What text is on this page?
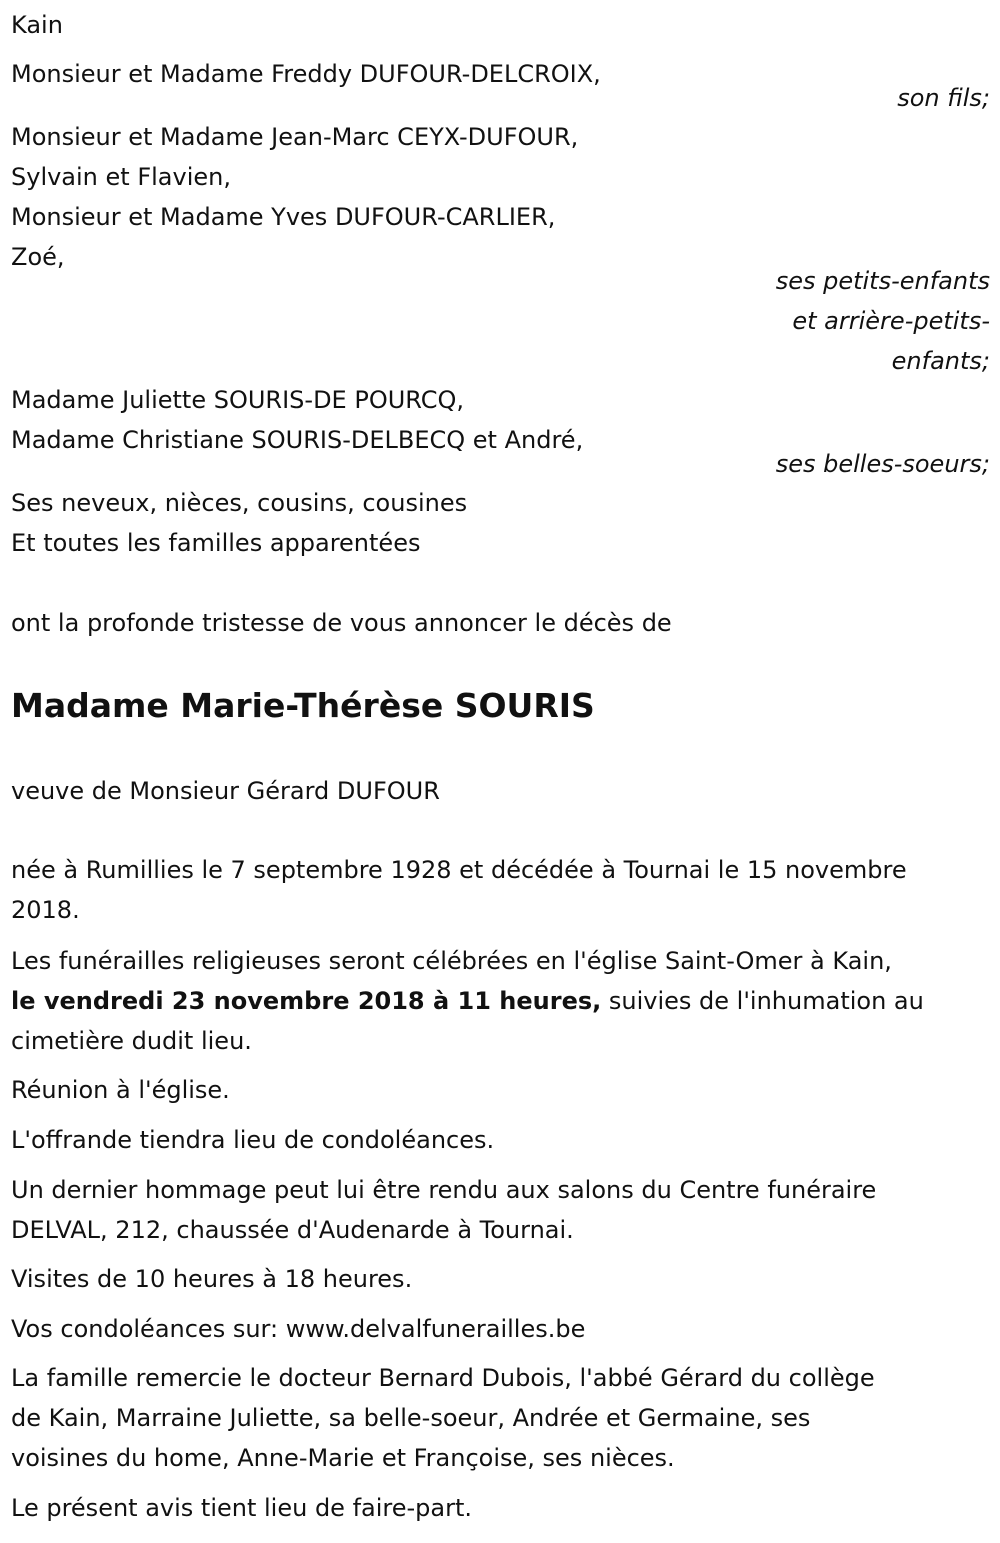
Kain
Monsieur et Madame Freddy DUFOUR-DELCROIX,
son fils;
Monsieur et Madame Jean-Marc CEYX-DUFOUR,
Sylvain et Flavien,
Monsieur et Madame Yves DUFOUR-CARLIER,
Zoé,
ses petits-enfants
et arrière-petits-
enfants;
Madame Juliette SOURIS-DE POURCQ,
Madame Christiane SOURIS-DELBECQ et André,
ses belles-soeurs;
Ses neveux, nièces, cousins, cousines
Et toutes les familles apparentées
ont la profonde tristesse de vous annoncer le décès de
Madame Marie-Thérèse SOURIS
veuve de Monsieur Gérard DUFOUR
née à Rumillies le 7 septembre 1928 et décédée à Tournai le 15 novembre
2018.
Les funérailles religieuses seront célébrées en l'église Saint-Omer à Kain,
le vendredi 23 novembre 2018 à 11 heures, suivies de l'inhumation au
cimetière dudit lieu.
Réunion à l'église.
L'offrande tiendra lieu de condoléances.
Un dernier hommage peut lui être rendu aux salons du Centre funéraire
DELVAL, 212, chaussée d'Audenarde à Tournai.
Visites de 10 heures à 18 heures.
Vos condoléances sur: www.delvalfunerailles.be
La famille remercie le docteur Bernard Dubois, l'abbé Gérard du collège
de Kain, Marraine Juliette, sa belle-soeur, Andrée et Germaine, ses
voisines du home, Anne-Marie et Françoise, ses nièces.
Le présent avis tient lieu de faire-part.
